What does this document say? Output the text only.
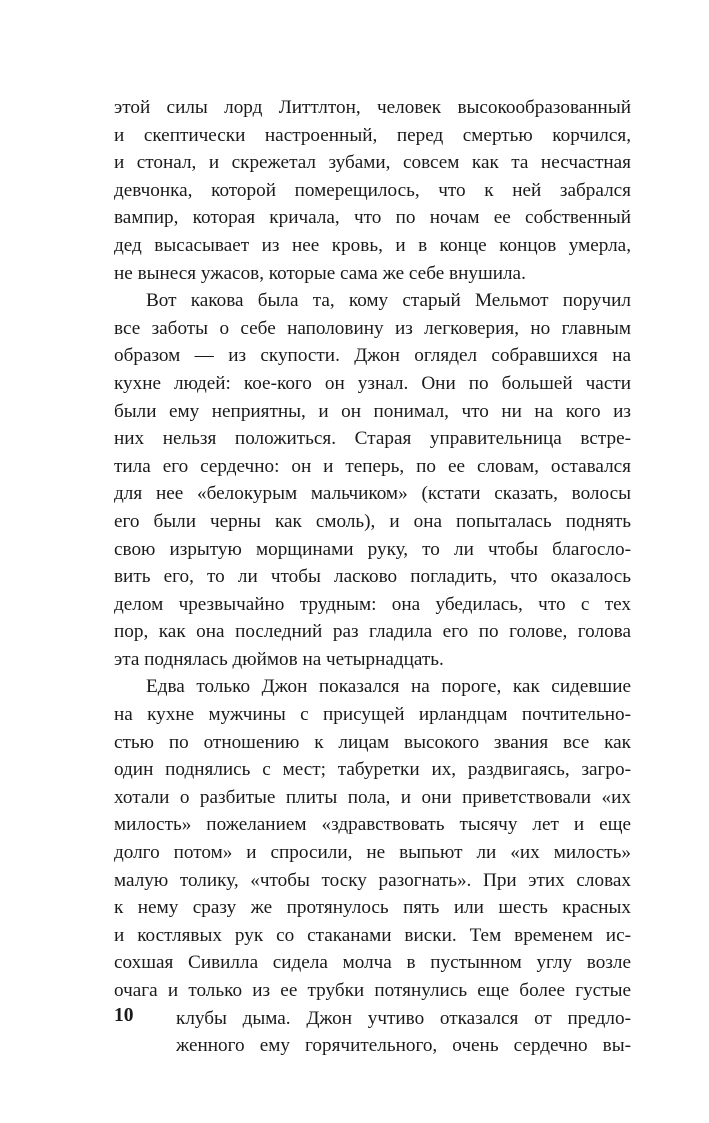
этой силы лорд Литтлтон, человек высокообразованный
и скептически настроенный, перед смертью корчился,
и стонал, и скрежетал зубами, совсем как та несчастная
девчонка, которой померещилось, что к ней забрался
вампир, которая кричала, что по ночам ее собственный
дед высасывает из нее кровь, и в конце концов умерла,
не вынеся ужасов, которые сама же себе внушила.
Вот какова была та, кому старый Мельмот поручил
все заботы о себе наполовину из легковерия, но главным
образом — из скупости. Джон оглядел собравшихся на
кухне людей: кое-кого он узнал. Они по большей части
были ему неприятны, и он понимал, что ни на кого из
них нельзя положиться. Старая управительница встре-
тила его сердечно: он и теперь, по ее словам, оставался
для нее «белокурым мальчиком» (кстати сказать, волосы
его были черны как смоль), и она попыталась поднять
свою изрытую морщинами руку, то ли чтобы благосло-
вить его, то ли чтобы ласково погладить, что оказалось
делом чрезвычайно трудным: она убедилась, что с тех
пор, как она последний раз гладила его по голове, голова
эта поднялась дюймов на четырнадцать.
Едва только Джон показался на пороге, как сидевшие
на кухне мужчины с присущей ирландцам почтительно-
стью по отношению к лицам высокого звания все как
один поднялись с мест; табуретки их, раздвигаясь, загро-
хотали о разбитые плиты пола, и они приветствовали «их
милость» пожеланием «здравствовать тысячу лет и еще
долго потом» и спросили, не выпьют ли «их милость»
малую толику, «чтобы тоску разогнать». При этих словах
к нему сразу же протянулось пять или шесть красных
и костлявых рук со стаканами виски. Тем временем ис-
сохшая Сивилла сидела молча в пустынном углу возле
очага и только из ее трубки потянулись еще более густые
клубы дыма. Джон учтиво отказался от предло-
женного ему горячительного, очень сердечно вы-
10
